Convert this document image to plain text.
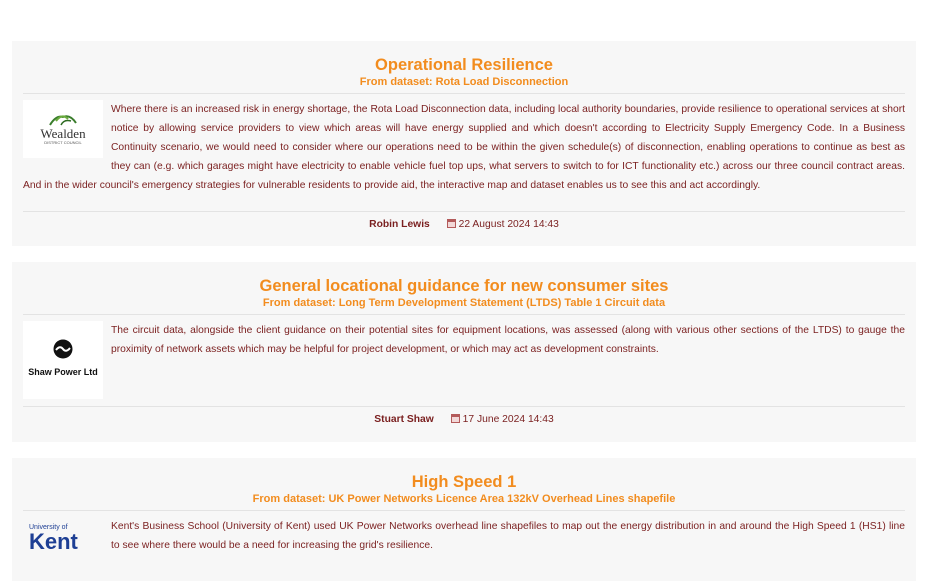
Operational Resilience
From dataset: Rota Load Disconnection
Wealden
DISTRICT COUNCIL
Where there is an increased risk in energy shortage, the Rota Load Disconnection data, including local authority boundaries, provide resilience to operational services at short notice by allowing service providers to view which areas will have energy supplied and which doesn't according to Electricity Supply Emergency Code. In a Business Continuity scenario, we would need to consider where our operations need to be within the given schedule(s) of disconnection, enabling operations to continue as best as they can (e.g. which garages might have electricity to enable vehicle fuel top ups, what servers to switch to for ICT functionality etc.) across our three council contract areas. And in the wider council's emergency strategies for vulnerable residents to provide aid, the interactive map and dataset enables us to see this and act accordingly.
Robin Lewis	22 August 2024 14:43
General locational guidance for new consumer sites
From dataset: Long Term Development Statement (LTDS) Table 1 Circuit data
Shaw Power Ltd
The circuit data, alongside the client guidance on their potential sites for equipment locations, was assessed (along with various other sections of the LTDS) to gauge the proximity of network assets which may be helpful for project development, or which may act as development constraints.
Stuart Shaw	17 June 2024 14:43
High Speed 1
From dataset: UK Power Networks Licence Area 132kV Overhead Lines shapefile
University of
Kent
Kent's Business School (University of Kent) used UK Power Networks overhead line shapefiles to map out the energy distribution in and around the High Speed 1 (HS1) line to see where there would be a need for increasing the grid's resilience.
